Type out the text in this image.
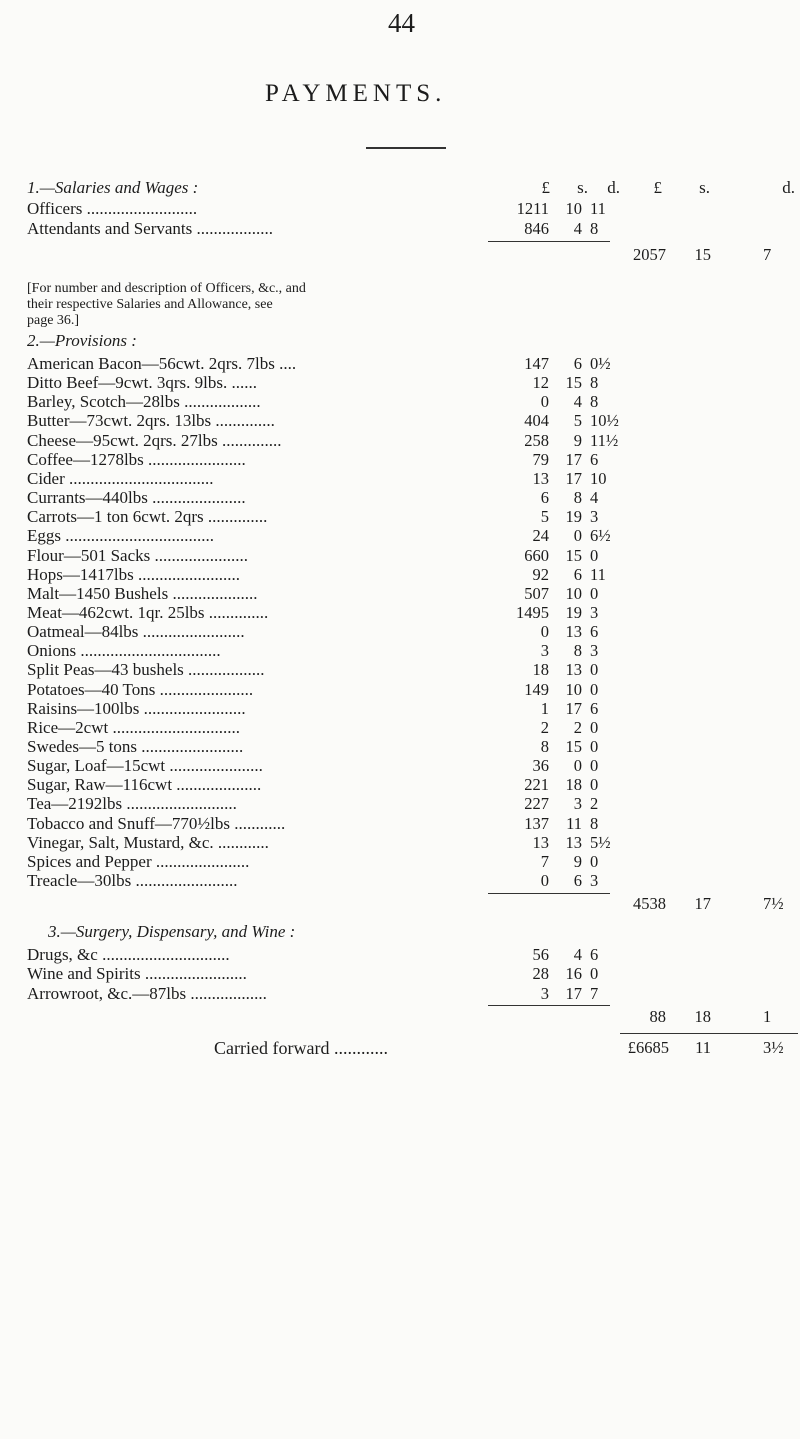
44
PAYMENTS.
£	s.	d.	£	s.	d.
1.—Salaries and Wages :
Officers ..........................	1211	10 11
Attendants and Servants ..................	846	4 8
2057	15	7
[For number and description of Officers, &c., and
their respective Salaries and Allowance, see
page 36.]
2.—Provisions :
American Bacon—56cwt. 2qrs. 7lbs ....	147	6 0½
Ditto Beef—9cwt. 3qrs. 9lbs. ......	12	15 8
Barley, Scotch—28lbs ..................	0	4 8
Butter—73cwt. 2qrs. 13lbs ..............	404	5 10½
Cheese—95cwt. 2qrs. 27lbs ..............	258	9 11½
Coffee—1278lbs .......................	79	17 6
Cider ..................................	13	17 10
Currants—440lbs ......................	6	8 4
Carrots—1 ton 6cwt. 2qrs ..............	5	19 3
Eggs ...................................	24	0 6½
Flour—501 Sacks ......................	660	15 0
Hops—1417lbs ........................	92	6 11
Malt—1450 Bushels ....................	507	10 0
Meat—462cwt. 1qr. 25lbs ..............	1495	19 3
Oatmeal—84lbs ........................	0	13 6
Onions .................................	3	8 3
Split Peas—43 bushels ..................	18	13 0
Potatoes—40 Tons ......................	149	10 0
Raisins—100lbs ........................	1	17 6
Rice—2cwt ..............................	2	2 0
Swedes—5 tons ........................	8	15 0
Sugar, Loaf—15cwt ......................	36	0 0
Sugar, Raw—116cwt ....................	221	18 0
Tea—2192lbs ..........................	227	3 2
Tobacco and Snuff—770½lbs ............	137	11 8
Vinegar, Salt, Mustard, &c. ............	13	13 5½
Spices and Pepper ......................	7	9 0
Treacle—30lbs ........................	0	6 3
4538	17	7½
3.—Surgery, Dispensary, and Wine :
Drugs, &c ..............................	56	4 6
Wine and Spirits ........................	28	16 0
Arrowroot, &c.—87lbs ..................	3	17 7
88	18	1
Carried forward ............	£6685	11	3½
